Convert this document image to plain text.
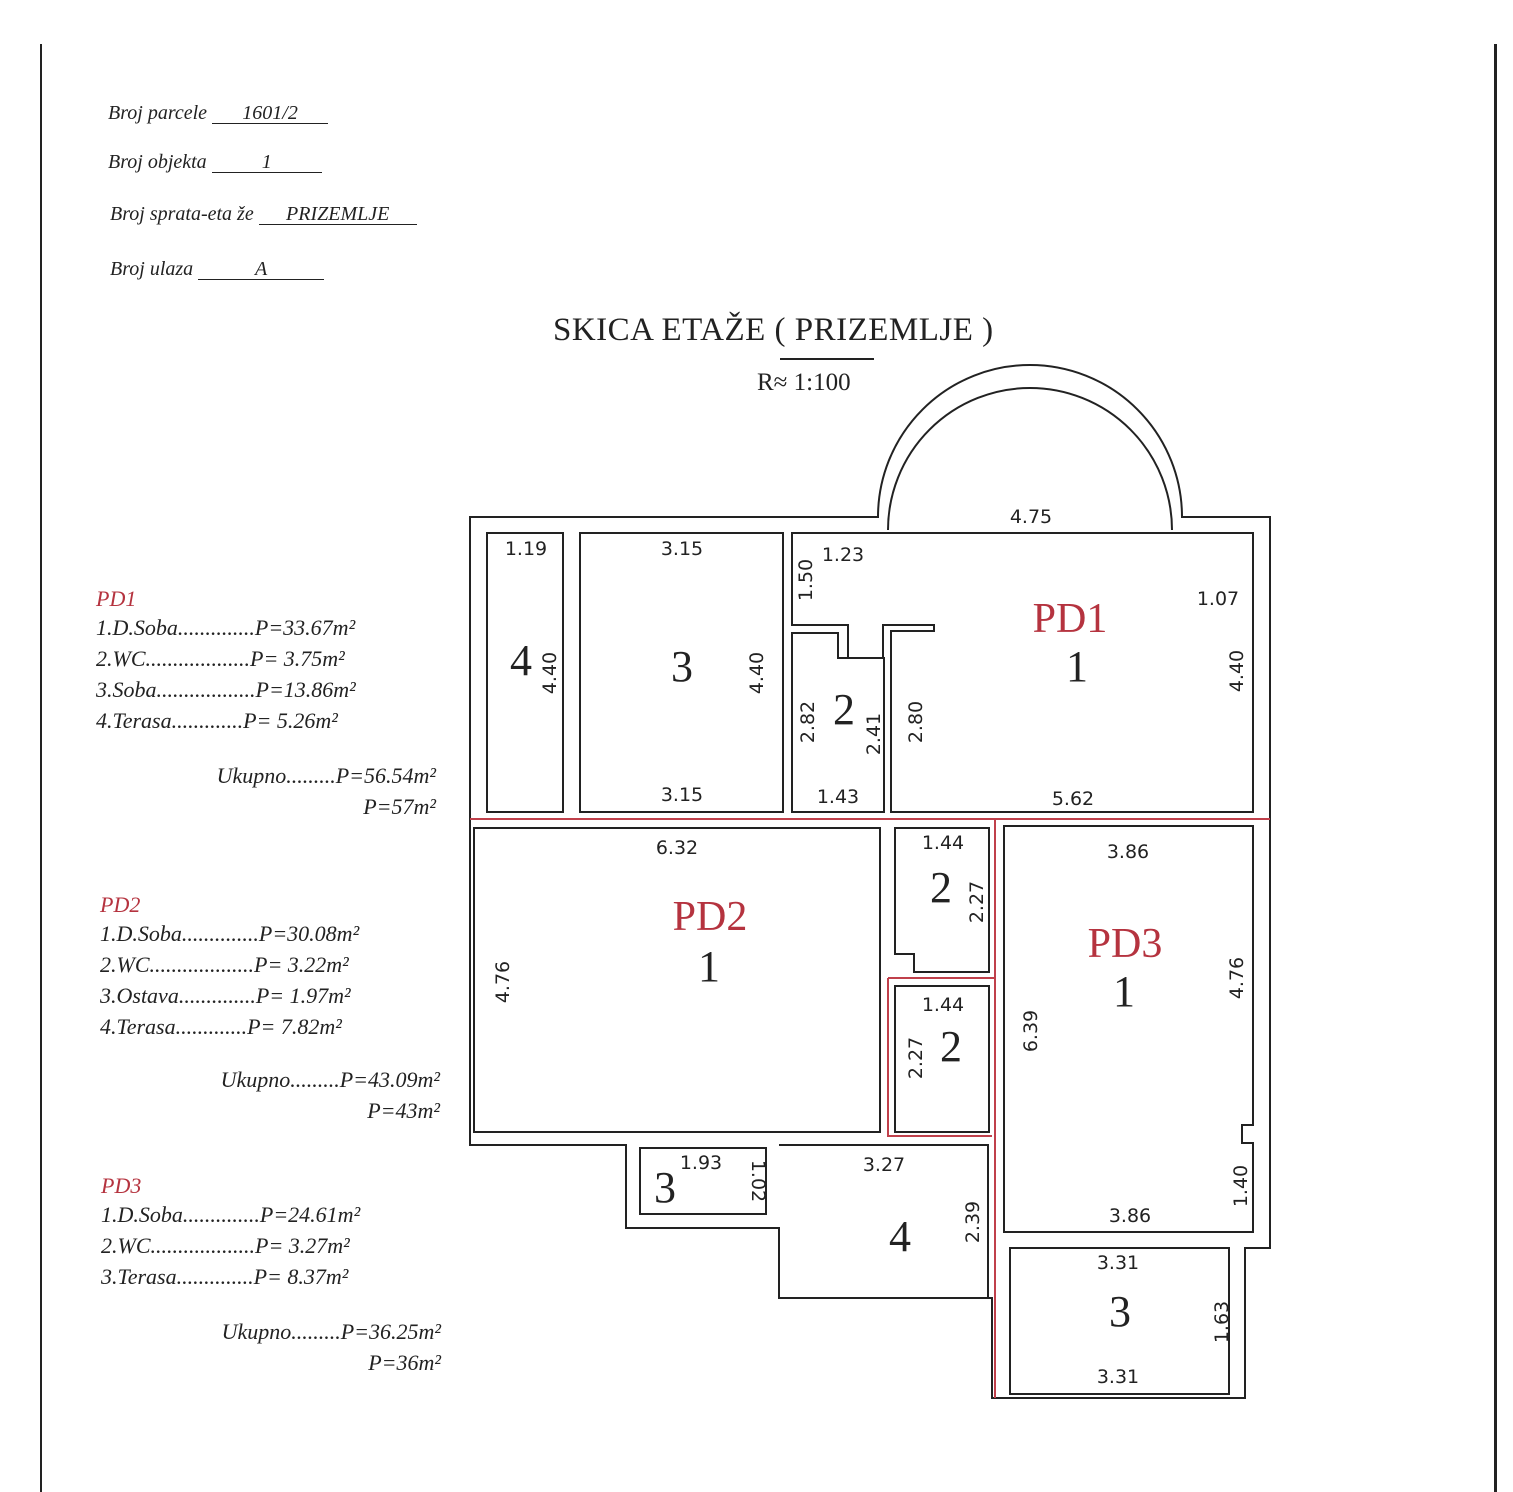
Broj parcele 1601/2
Broj objekta	1
Broj sprata-eta že PRIZEMLJE
Broj ulaza	A
SKICA ETAŽE ( PRIZEMLJE )
R≈ 1:100
PD1
1.D.Soba..............P=33.67m²
2.WC...................P= 3.75m²
3.Soba..................P=13.86m²
4.Terasa.............P= 5.26m²
Ukupno.........P=56.54m²
P=57m²
PD2
1.D.Soba..............P=30.08m²
2.WC...................P= 3.22m²
3.Ostava..............P= 1.97m²
4.Terasa.............P= 7.82m²
Ukupno.........P=43.09m²
P=43m²
PD3
1.D.Soba..............P=24.61m²
2.WC...................P= 3.27m²
3.Terasa..............P= 8.37m²
Ukupno.........P=36.25m²
P=36m²
PD1
PD2
PD3
4	3
2
1
1
2
2
1
3
4
3
1.19	3.15	1.23
4.75
1.07
3.15	1.43	5.62
6.32	1.44	3.86
1.44
1.93	3.27
3.86
3.31
3.31
4.40	4.40
1.50
2.82 2.41 2.80
4.40
4.76
2.27
2.27
6.39
4.76
1.40
1.02
2.39
1.63
